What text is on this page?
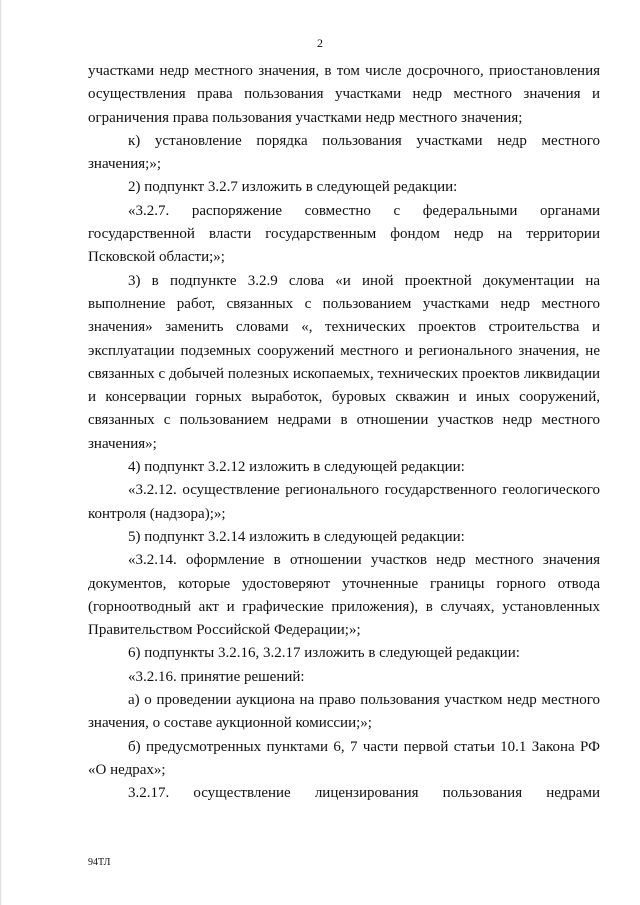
2

участками недр местного значения, в том числе досрочного, приостановления осуществления права пользования участками недр местного значения и ограничения права пользования участками недр местного значения;

к) установление порядка пользования участками недр местного значения;»;

2) подпункт 3.2.7 изложить в следующей редакции:

«3.2.7. распоряжение совместно с федеральными органами государственной власти государственным фондом недр на территории Псковской области;»;

3) в подпункте 3.2.9 слова «и иной проектной документации на выполнение работ, связанных с пользованием участками недр местного значения» заменить словами «, технических проектов строительства и эксплуатации подземных сооружений местного и регионального значения, не связанных с добычей полезных ископаемых, технических проектов ликвидации и консервации горных выработок, буровых скважин и иных сооружений, связанных с пользованием недрами в отношении участков недр местного значения»;

4) подпункт 3.2.12 изложить в следующей редакции:

«3.2.12. осуществление регионального государственного геологического контроля (надзора);»;

5) подпункт 3.2.14 изложить в следующей редакции:

«3.2.14. оформление в отношении участков недр местного значения документов, которые удостоверяют уточненные границы горного отвода (горноотводный акт и графические приложения), в случаях, установленных Правительством Российской Федерации;»;

6) подпункты 3.2.16, 3.2.17 изложить в следующей редакции:

«3.2.16. принятие решений:

а) о проведении аукциона на право пользования участком недр местного значения, о составе аукционной комиссии;»;

б) предусмотренных пунктами 6, 7 части первой статьи 10.1 Закона РФ «О недрах»;

3.2.17. осуществление лицензирования пользования недрами

94ТЛ
